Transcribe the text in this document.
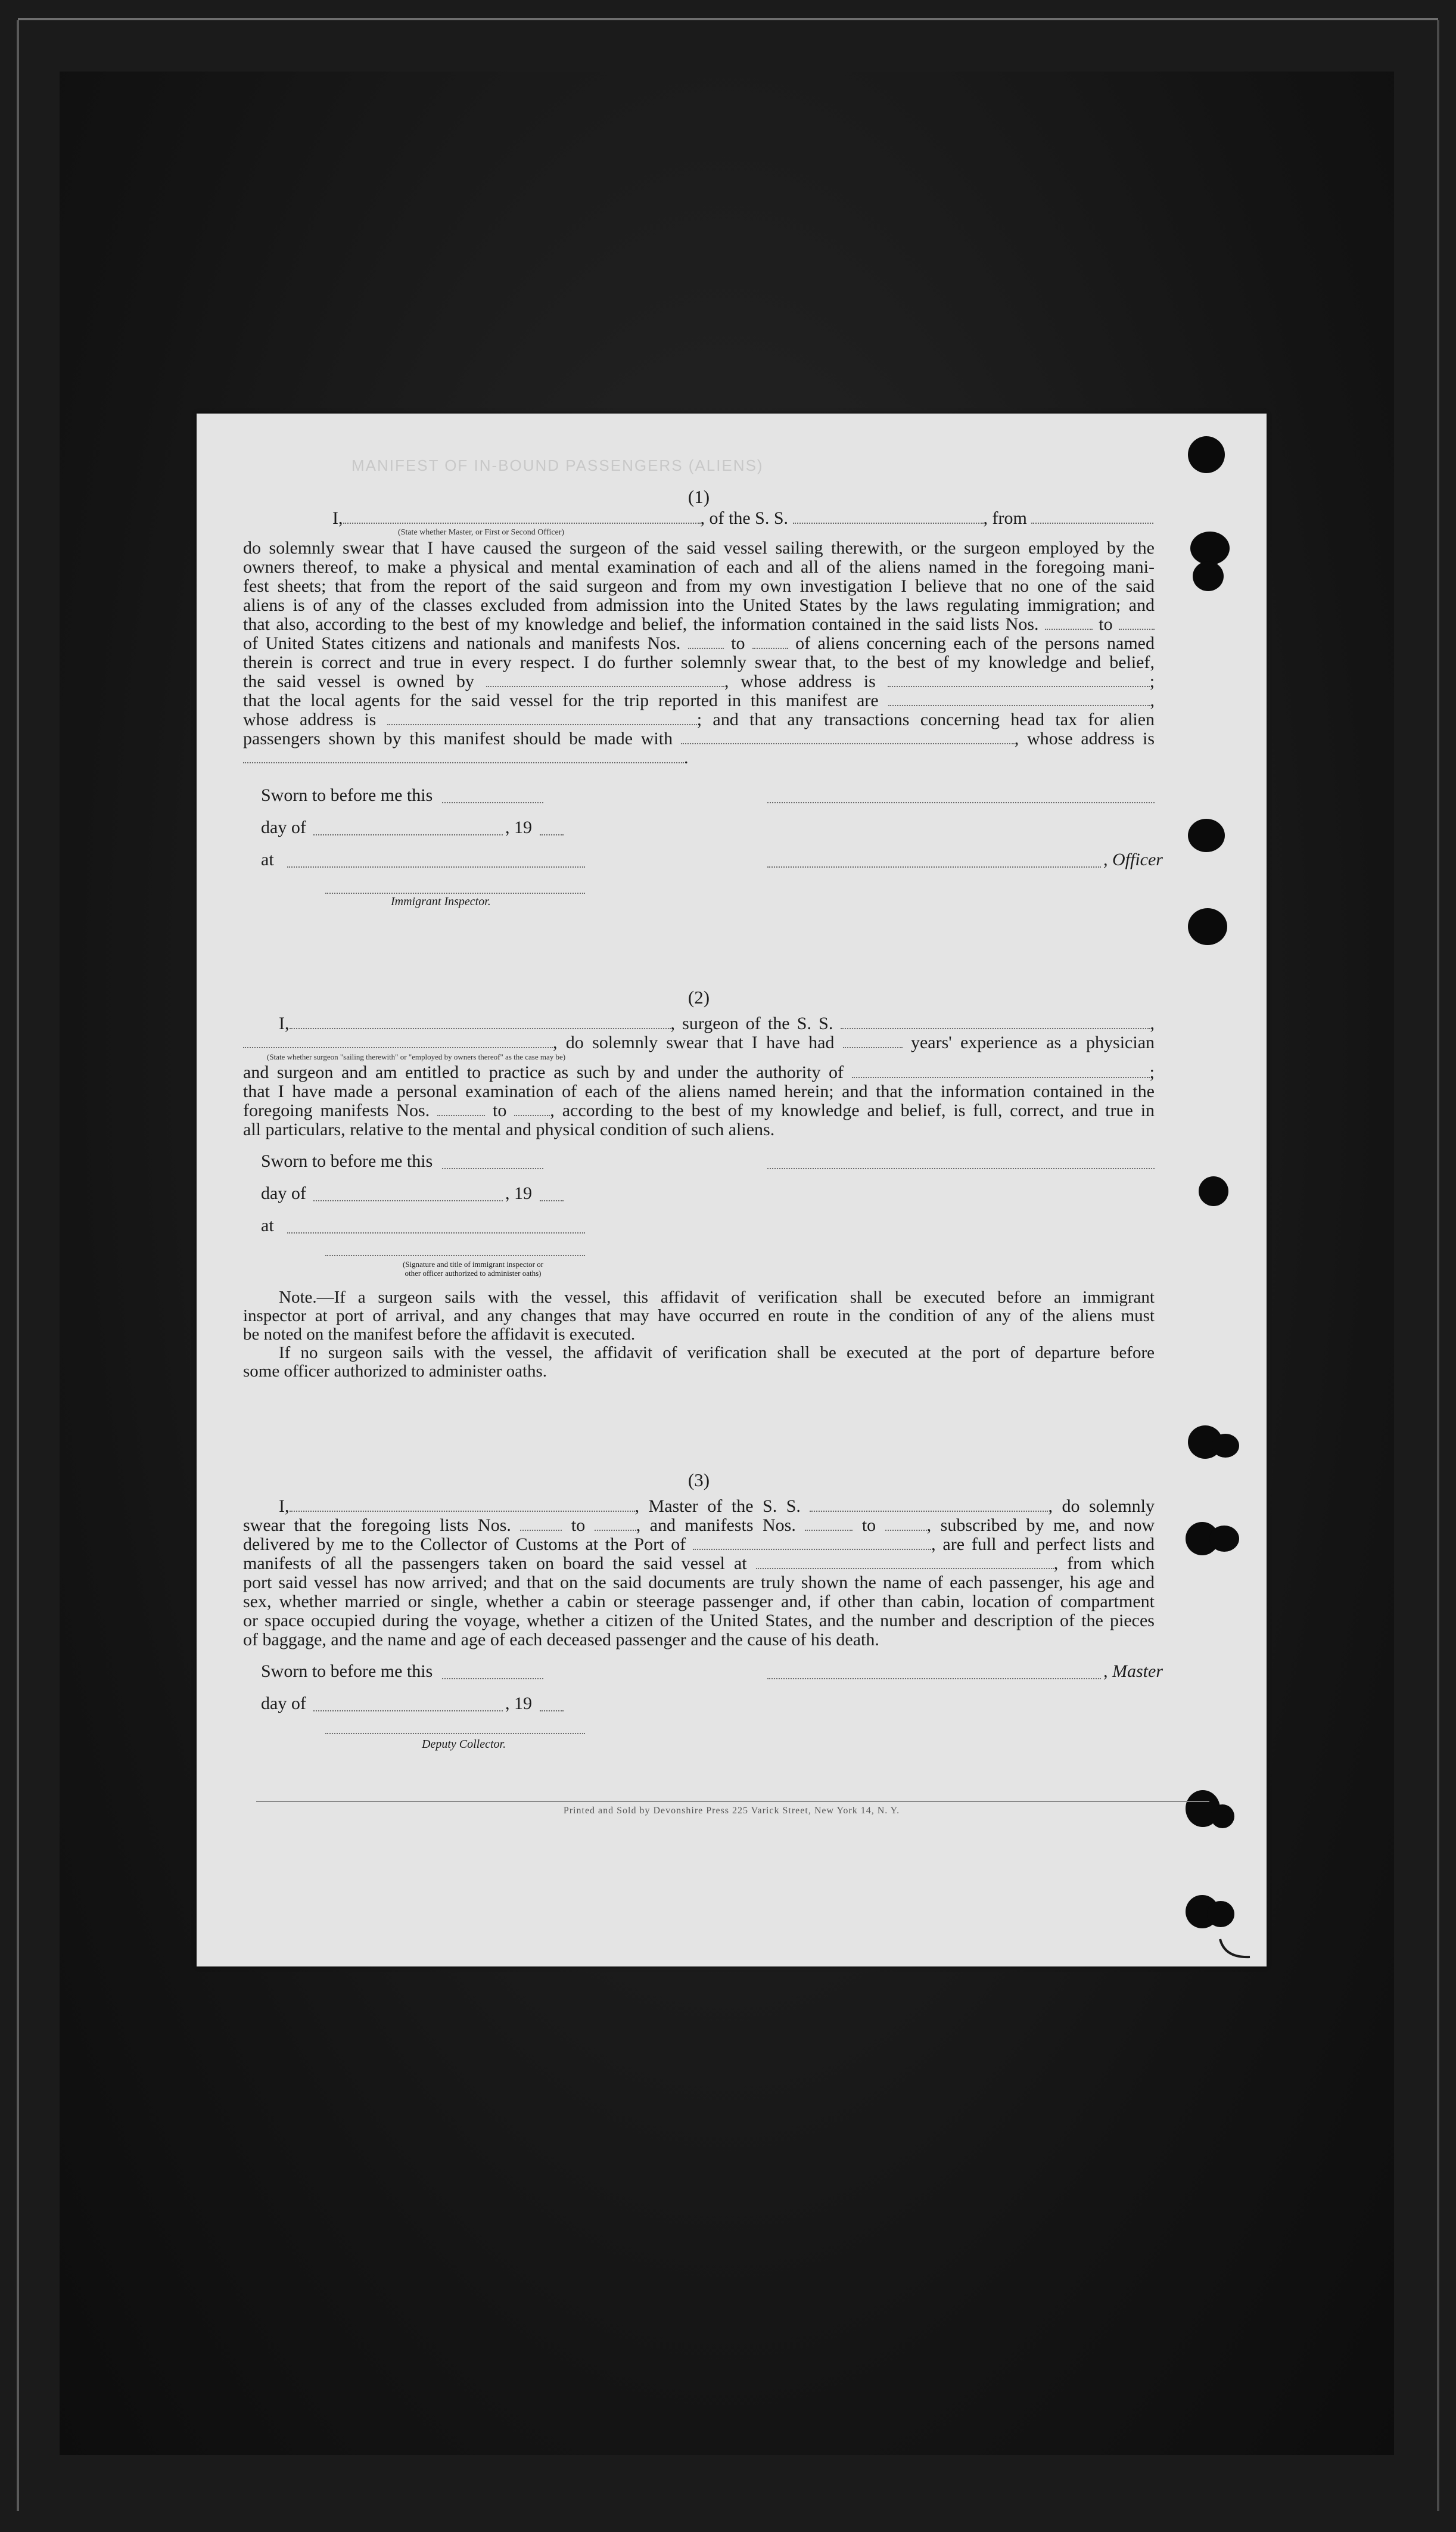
MANIFEST OF IN-BOUND PASSENGERS (ALIENS)
(1)
I,	, of the S. S.	, from
(State whether Master, or First or Second Officer)
do solemnly swear that I have caused the surgeon of the said vessel sailing therewith, or the surgeon employed by the
owners thereof, to make a physical and mental examination of each and all of the aliens named in the foregoing mani-
fest sheets; that from the report of the said surgeon and from my own investigation I believe that no one of the said
aliens is of any of the classes excluded from admission into the United States by the laws regulating immigration; and
that also, according to the best of my knowledge and belief, the information contained in the said lists Nos.	to
of United States citizens and nationals and manifests Nos.	to	of aliens concerning each of the persons named
therein is correct and true in every respect. I do further solemnly swear that, to the best of my knowledge and belief,
the said vessel is owned by	, whose address is	;
that the local agents for the said vessel for the trip reported in this manifest are	,
whose address is	; and that any transactions concerning head tax for alien
passengers shown by this manifest should be made with	, whose address is
.
Sworn to before me this
day of	, 19
at	, Officer
Immigrant Inspector.
(2)
I,	, surgeon of the S. S.	,
, do solemnly swear that I have had	years' experience as a physician
(State whether surgeon "sailing therewith" or "employed by owners thereof" as the case may be)
and surgeon and am entitled to practice as such by and under the authority of	;
that I have made a personal examination of each of the aliens named herein; and that the information contained in the
foregoing manifests Nos.	to , according to the best of my knowledge and belief, is full, correct, and true in
all particulars, relative to the mental and physical condition of such aliens.
Sworn to before me this
day of	, 19
at
(Signature and title of immigrant inspector or
other officer authorized to administer oaths)
Note.—If a surgeon sails with the vessel, this affidavit of verification shall be executed before an immigrant
inspector at port of arrival, and any changes that may have occurred en route in the condition of any of the aliens must
be noted on the manifest before the affidavit is executed.
If no surgeon sails with the vessel, the affidavit of verification shall be executed at the port of departure before
some officer authorized to administer oaths.
(3)
I,	, Master of the S. S.	, do solemnly
swear that the foregoing lists Nos.	to	, and manifests Nos.	to	, subscribed by me, and now
delivered by me to the Collector of Customs at the Port of	, are full and perfect lists and
manifests of all the passengers taken on board the said vessel at	, from which
port said vessel has now arrived; and that on the said documents are truly shown the name of each passenger, his age and
sex, whether married or single, whether a cabin or steerage passenger and, if other than cabin, location of compartment
or space occupied during the voyage, whether a citizen of the United States, and the number and description of the pieces
of baggage, and the name and age of each deceased passenger and the cause of his death.
Sworn to before me this	, Master
day of	, 19
Deputy Collector.
Printed and Sold by Devonshire Press 225 Varick Street, New York 14, N. Y.
